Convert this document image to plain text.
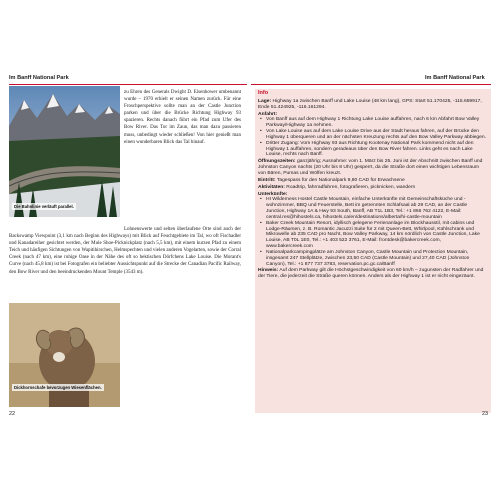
Im Banff National Park	Im Banff National Park
Die Bahnlinie verläuft parallel.
Dickhornschafe bevorzugen Wiesenflächen.

zu Ehren des Generals Dwight D. Eisenhower umbenannt wurde – 1970 erhielt er seinen Namen zurück. Für eine Froschperspektive sollte man an der Castle Junction parken und über die Brücke Richtung Highway 93 spazieren. Rechts danach führt ein Pfad zum Ufer des Bow River. Das Tor im Zaun, das man dazu passieren muss, unbedingt wieder schließen! Von hier genießt man einen wunderbaren Blick das Tal hinauf.

Lohnenswerte und selten überlaufene Orte sind auch der Backswamp Viewpoint (3,1 km nach Beginn des Highways) mit Blick auf Feuchtgebiete im Tal, wo oft Fischadler und Kanadareiher gesichtet werden, der Mule Shoe-Picknickplatz (nach 5,5 km), mit einem kurzen Pfad zu einem Teich und häufigen Sichtungen von Wapitihirschen, Helmspechten und vielen anderen Vogelarten, sowie der Corral Creek (nach 47 km), eine ruhige Oase in der Nähe des oft so hektischen Dörfchens Lake Louise. Die Morant's Curve (nach 45,8 km) ist bei Fotografen ein beliebter Aussichtspunkt auf die Strecke der Canadian Pacific Railway, den Bow River und den beeindruckenden Mount Temple (3543 m).

Info
Lage: Highway 1a zwischen Banff und Lake Louise (48 km lang), GPS: Start 51.170425, -115.659917, Ende 51.424925, -116.161294.
Anfahrt:
• Von Banff aus auf dem Highway 1 Richtung Lake Louise auffahren, nach 6 km Abfahrt Bow Valley Parkway/Highway 1a nehmen.
• Von Lake Louise aus auf dem Lake Louise Drive aus der Stadt heraus fahren, auf der Brücke den Highway 1 überqueren und an der nächsten Kreuzung rechts auf den Bow Valley Parkway abbiegen.
• Dritter Zugang: Vom Highway 93 aus Richtung Kootenay National Park kommend nicht auf den Highway 1 auffahren, sondern geradeaus über den Bow River fahren. Links geht es nach Lake Louise, rechts nach Banff.
Öffnungszeiten: ganzjährig; Ausnahme: vom 1. März bis 25. Juni ist der Abschnitt zwischen Banff und Johnston Canyon nachts (20 Uhr bis 8 Uhr) gesperrt, da die Straße dort einen wichtigen Lebensraum von Bären, Pumas und Wölfen kreuzt.
Eintritt: Tagespass für den Nationalpark 9,80 CAD für Erwachsene
Aktivitäten: Roadtrip, fahrradfahren, fotografieren, picknicken, wandern
Unterkünfte:
• HI Wilderness Hostel Castle Mountain, einfache Unterkünfte mit Gemeinschaftsküche und -wohnzimmer, BBQ und Feuerstelle, Bett im getrennten Schlafsaal ab 29 CAD, an der Castle Junction, Highway 1A & Hwy 93 South, Banff, AB T1L 1B3, Tel.: +1 866 762 4122, E-Mail: central.res@hihostels.ca, hihostels.ca/en/destinations/alberta/hi-castle-mountain
• Baker Creek Mountain Resort, idyllisch gelegene Ferienanlage im Blockhausstil, mit cabins und Lodge-Räumen, z. B. Romantic Jacuzzi Suite für 2 mit Queen-Bett, Whirlpool, Kühlschrank und Mikrowelle ab 235 CAD pro Nacht, Bow Valley Parkway, 14 km nördlich von Castle Junction, Lake Louise, AB T0L 1E0, Tel.: +1 403 522 3761, E-Mail: frontdesk@bakercreek.com, www.bakercreek.com
• Nationalparkcampingplätze am Johnston Canyon, Castle Mountain und Protection Mountain, insgesamt 247 Stellplätze, zwischen 23,50 CAD (Castle Mountain) und 27,40 CAD (Johnston Canyon), Tel.: +1 877 737 3783, reservation.pc.gc.ca/Banff
Hinweis: Auf dem Parkway gilt die Höchstgeschwindigkeit von 60 km/h – zugunsten der Radfahrer und der Tiere, die jederzeit die Straße queren können. Anders als der Highway 1 ist er nicht eingezäunt.
22	23
